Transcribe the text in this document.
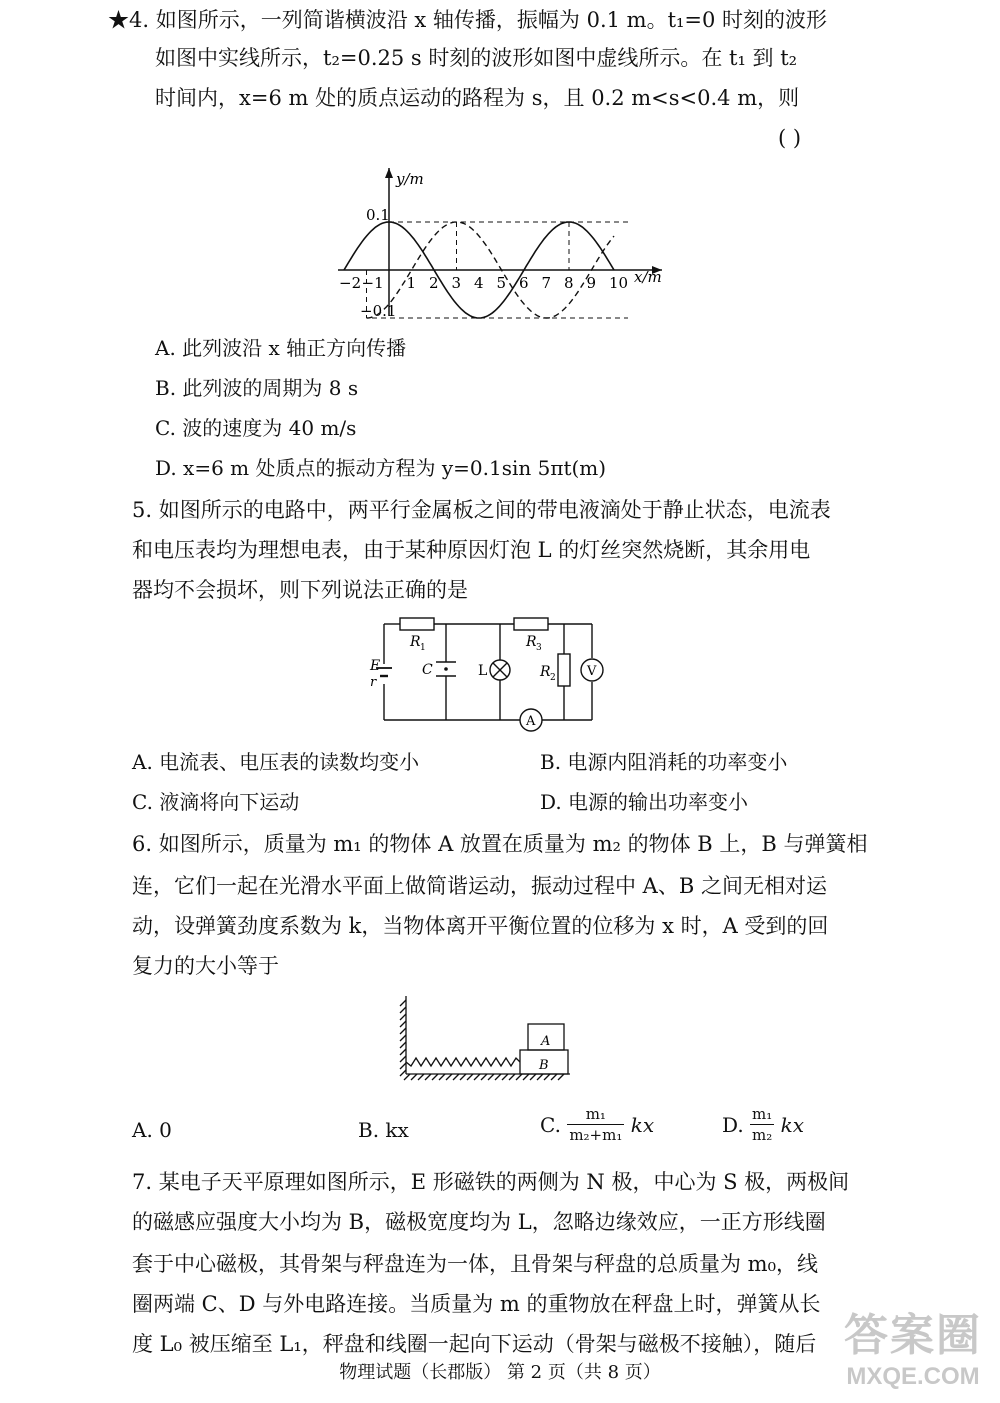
★4. 如图所示，一列简谐横波沿 x 轴传播，振幅为 0.1 m。t₁=0 时刻的波形
如图中实线所示，t₂=0.25 s 时刻的波形如图中虚线所示。在 t₁ 到 t₂
时间内，x=6 m 处的质点运动的路程为 s，且 0.2 m<s<0.4 m，则
( )
y/m
x/m
0.1
−0.1
−2 −1 1 2 3 4 5 6 7 8 9 10
A. 此列波沿 x 轴正方向传播
B. 此列波的周期为 8 s
C. 波的速度为 40 m/s
D. x=6 m 处质点的振动方程为 y=0.1sin 5πt(m)
5. 如图所示的电路中，两平行金属板之间的带电液滴处于静止状态，电流表
和电压表均为理想电表，由于某种原因灯泡 L 的灯丝突然烧断，其余用电
器均不会损坏，则下列说法正确的是
E
r
R 1
C	L
R 3
R 2 V
A
A. 电流表、电压表的读数均变小	B. 电源内阻消耗的功率变小
C. 液滴将向下运动	D. 电源的输出功率变小
6. 如图所示，质量为 m₁ 的物体 A 放置在质量为 m₂ 的物体 B 上，B 与弹簧相
连，它们一起在光滑水平面上做简谐运动，振动过程中 A、B 之间无相对运
动，设弹簧劲度系数为 k，当物体离开平衡位置的位移为 x 时，A 受到的回
复力的大小等于
A
B
A. 0	B. kx	C. $\frac{\text{m₁}}{\text{m₂+m₁}}$ kx	D. $\frac{\text{m₁}}{\text{m₂}}$ kx
7. 某电子天平原理如图所示，E 形磁铁的两侧为 N 极，中心为 S 极，两极间
的磁感应强度大小均为 B，磁极宽度均为 L，忽略边缘效应，一正方形线圈
套于中心磁极，其骨架与秤盘连为一体，且骨架与秤盘的总质量为 m₀，线
圈两端 C、D 与外电路连接。当质量为 m 的重物放在秤盘上时，弹簧从长
度 L₀ 被压缩至 L₁，秤盘和线圈一起向下运动（骨架与磁极不接触），随后
物理试题（长郡版） 第 2 页（共 8 页）
答案圈
MXQE.COM
